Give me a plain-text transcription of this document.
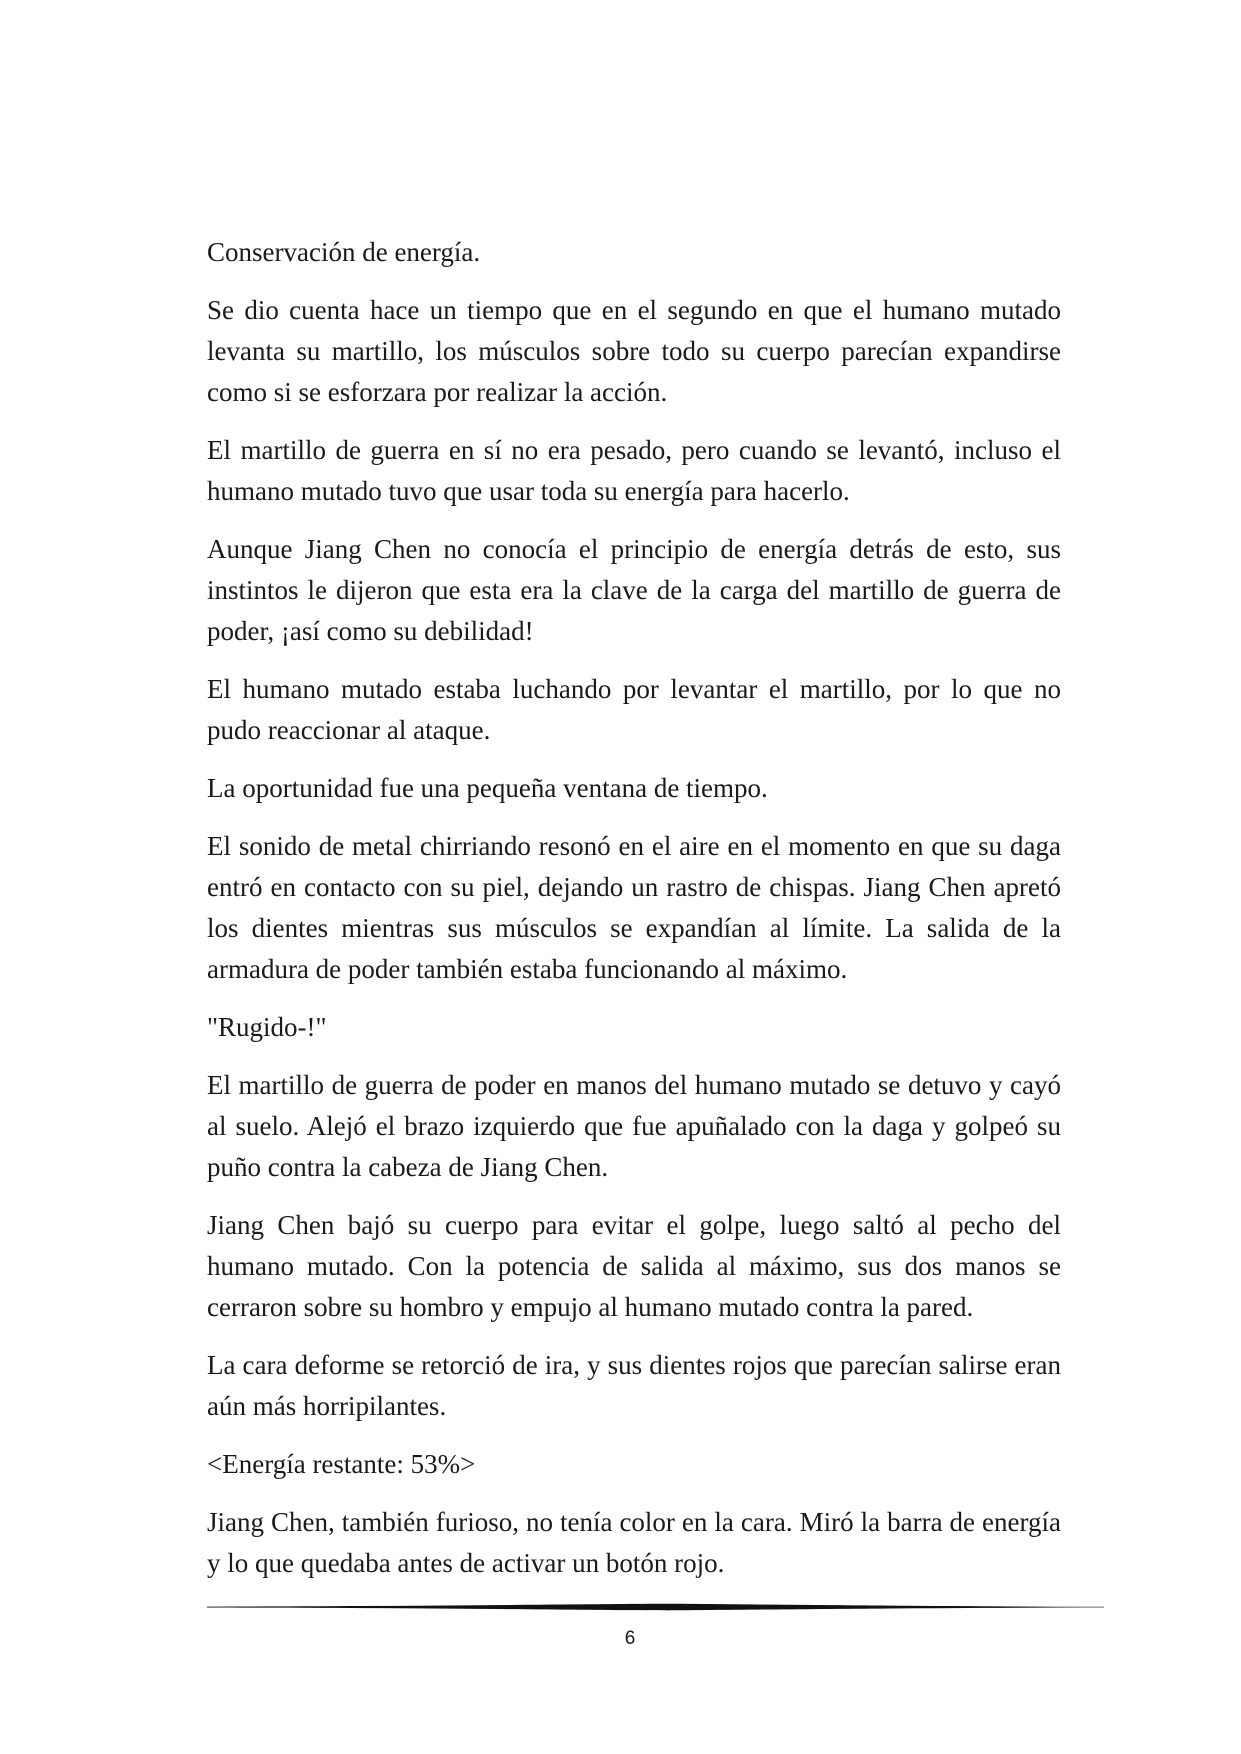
Conservación de energía.

Se dio cuenta hace un tiempo que en el segundo en que el humano mutado levanta su martillo, los músculos sobre todo su cuerpo parecían expandirse como si se esforzara por realizar la acción.

El martillo de guerra en sí no era pesado, pero cuando se levantó, incluso el humano mutado tuvo que usar toda su energía para hacerlo.

Aunque Jiang Chen no conocía el principio de energía detrás de esto, sus instintos le dijeron que esta era la clave de la carga del martillo de guerra de poder, ¡así como su debilidad!

El humano mutado estaba luchando por levantar el martillo, por lo que no pudo reaccionar al ataque.

La oportunidad fue una pequeña ventana de tiempo.

El sonido de metal chirriando resonó en el aire en el momento en que su daga entró en contacto con su piel, dejando un rastro de chispas. Jiang Chen apretó los dientes mientras sus músculos se expandían al límite. La salida de la armadura de poder también estaba funcionando al máximo.

"Rugido-!"

El martillo de guerra de poder en manos del humano mutado se detuvo y cayó al suelo. Alejó el brazo izquierdo que fue apuñalado con la daga y golpeó su puño contra la cabeza de Jiang Chen.

Jiang Chen bajó su cuerpo para evitar el golpe, luego saltó al pecho del humano mutado. Con la potencia de salida al máximo, sus dos manos se cerraron sobre su hombro y empujo al humano mutado contra la pared.

La cara deforme se retorció de ira, y sus dientes rojos que parecían salirse eran aún más horripilantes.

<Energía restante: 53%>

Jiang Chen, también furioso, no tenía color en la cara. Miró la barra de energía y lo que quedaba antes de activar un botón rojo.

6
